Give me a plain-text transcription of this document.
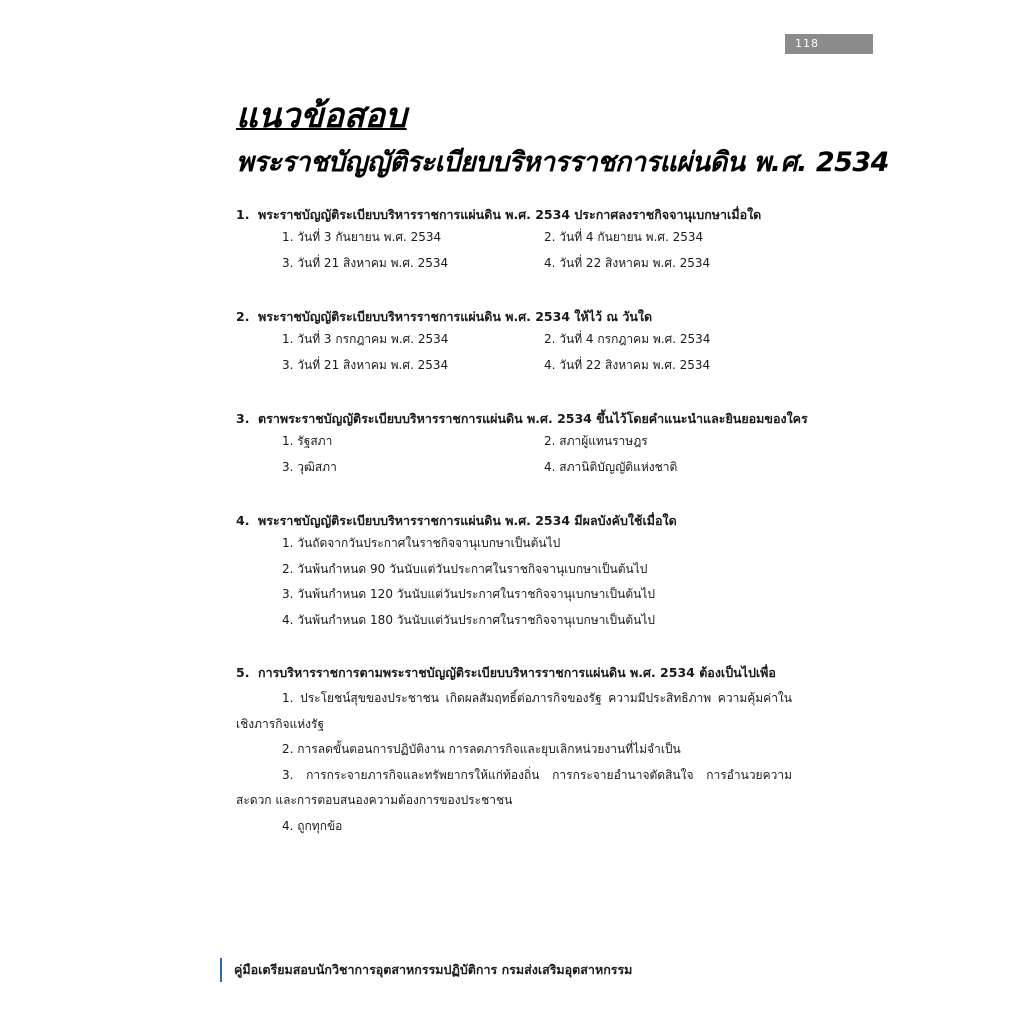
118
แนวข้อสอบ
พระราชบัญญัติระเบียบบริหารราชการแผ่นดิน พ.ศ. 2534
1. พระราชบัญญัติระเบียบบริหารราชการแผ่นดิน พ.ศ. 2534 ประกาศลงราชกิจจานุเบกษาเมื่อใด
1. วันที่ 3 กันยายน พ.ศ. 2534	2. วันที่ 4 กันยายน พ.ศ. 2534
3. วันที่ 21 สิงหาคม พ.ศ. 2534	4. วันที่ 22 สิงหาคม พ.ศ. 2534
2. พระราชบัญญัติระเบียบบริหารราชการแผ่นดิน พ.ศ. 2534 ให้ไว้ ณ วันใด
1. วันที่ 3 กรกฎาคม พ.ศ. 2534	2. วันที่ 4 กรกฎาคม พ.ศ. 2534
3. วันที่ 21 สิงหาคม พ.ศ. 2534	4. วันที่ 22 สิงหาคม พ.ศ. 2534
3. ตราพระราชบัญญัติระเบียบบริหารราชการแผ่นดิน พ.ศ. 2534 ขึ้นไว้โดยคำแนะนำและยินยอมของใคร
1. รัฐสภา	2. สภาผู้แทนราษฎร
3. วุฒิสภา	4. สภานิติบัญญัติแห่งชาติ
4. พระราชบัญญัติระเบียบบริหารราชการแผ่นดิน พ.ศ. 2534 มีผลบังคับใช้เมื่อใด
1. วันถัดจากวันประกาศในราชกิจจานุเบกษาเป็นต้นไป
2. วันพ้นกำหนด 90 วันนับแต่วันประกาศในราชกิจจานุเบกษาเป็นต้นไป
3. วันพ้นกำหนด 120 วันนับแต่วันประกาศในราชกิจจานุเบกษาเป็นต้นไป
4. วันพ้นกำหนด 180 วันนับแต่วันประกาศในราชกิจจานุเบกษาเป็นต้นไป
5. การบริหารราชการตามพระราชบัญญัติระเบียบบริหารราชการแผ่นดิน พ.ศ. 2534 ต้องเป็นไปเพื่อ
1. ประโยชน์สุขของประชาชน เกิดผลสัมฤทธิ์ต่อภารกิจของรัฐ ความมีประสิทธิภาพ ความคุ้มค่าในเชิงภารกิจแห่งรัฐ
2. การลดขั้นตอนการปฏิบัติงาน การลดภารกิจและยุบเลิกหน่วยงานที่ไม่จำเป็น
3. การกระจายภารกิจและทรัพยากรให้แก่ท้องถิ่น การกระจายอำนาจตัดสินใจ การอำนวยความสะดวก และการตอบสนองความต้องการของประชาชน
4. ถูกทุกข้อ
คู่มือเตรียมสอบนักวิชาการอุตสาหกรรมปฏิบัติการ กรมส่งเสริมอุตสาหกรรม
